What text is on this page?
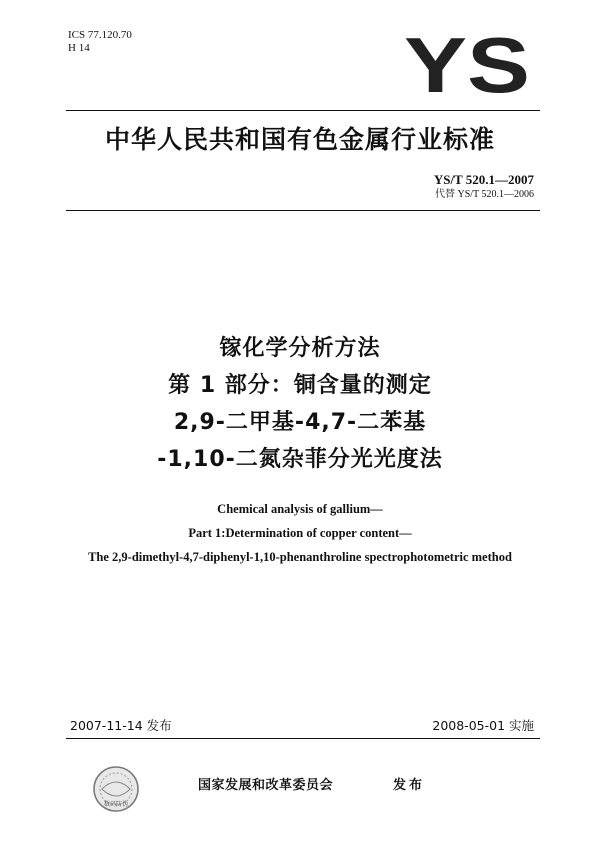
ICS 77.120.70
H 14	YS
中华人民共和国有色金属行业标准
YS/T 520.1—2007
代替 YS/T 520.1—2006
镓化学分析方法
第 1 部分：铜含量的测定
2,9-二甲基-4,7-二苯基
-1,10-二氮杂菲分光光度法
Chemical analysis of gallium—
Part 1:Determination of copper content—
The 2,9-dimethyl-4,7-diphenyl-1,10-phenanthroline spectrophotometric method
2007-11-14 发布	2008-05-01 实施
数码防伪
国家发展和改革委员会	发布
